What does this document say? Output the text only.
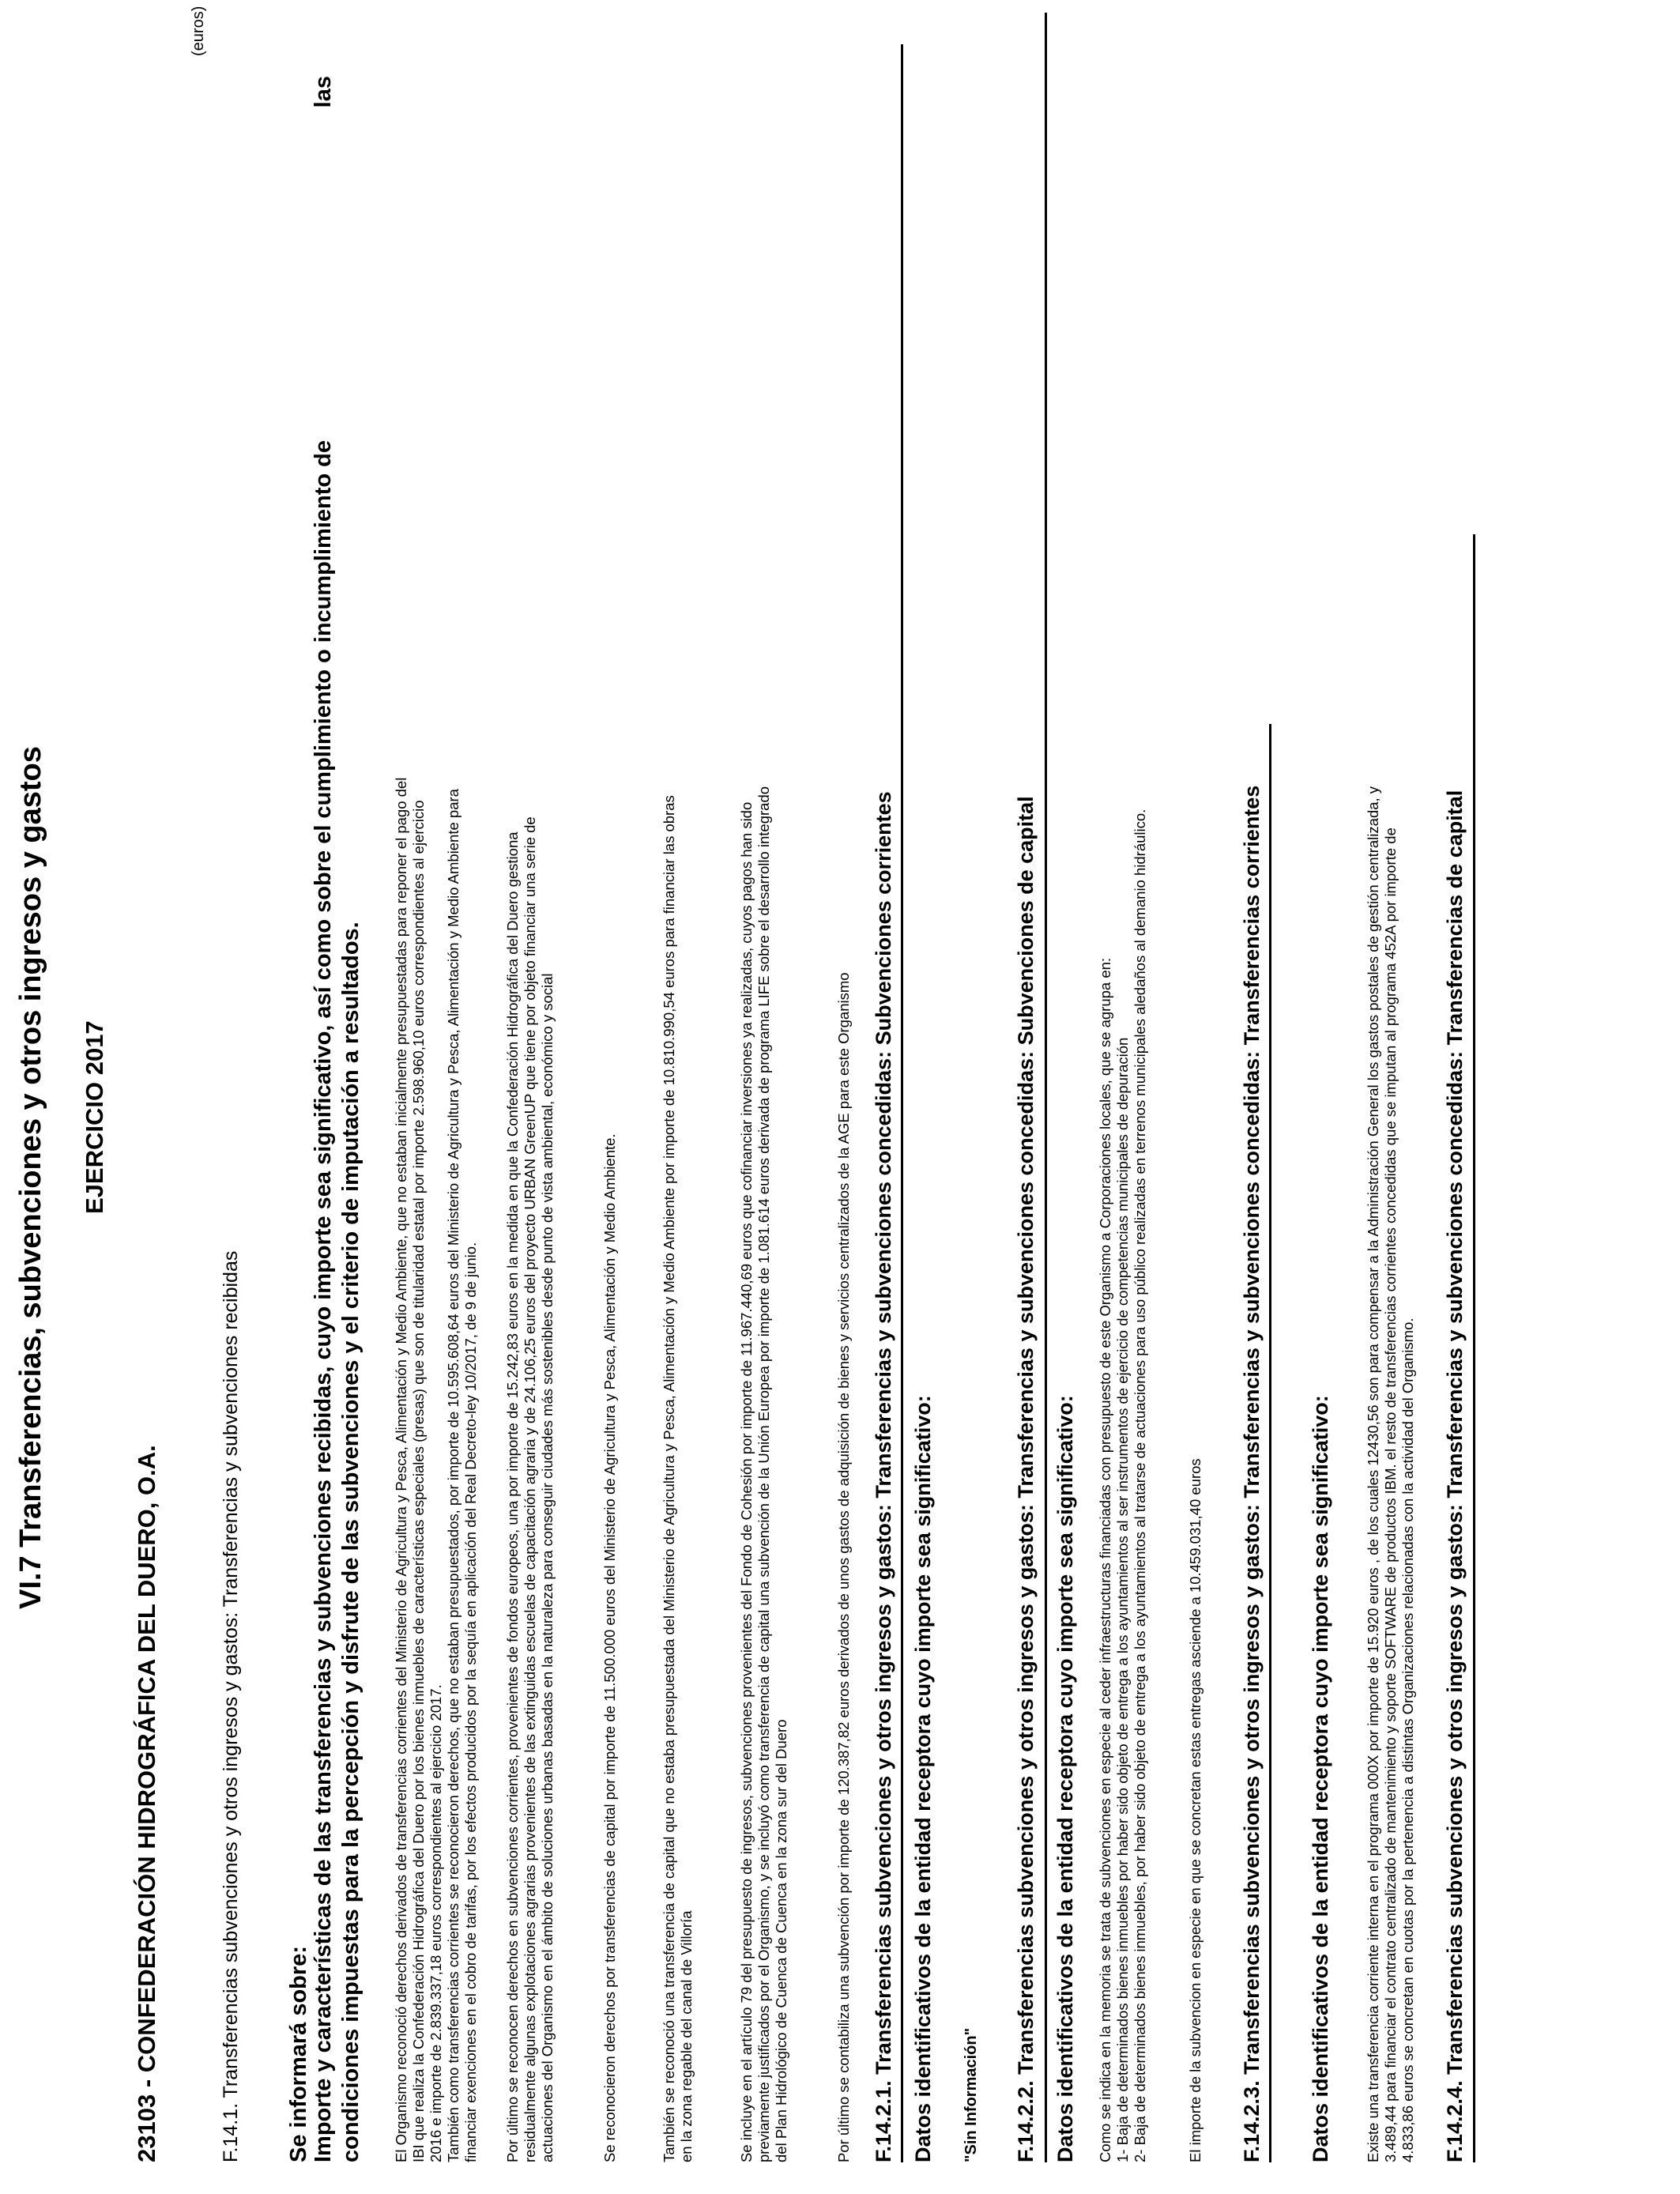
VI.7 Transferencias, subvenciones y otros ingresos y gastos
23103 - CONFEDERACIÓN HIDROGRÁFICA DEL DUERO, O.A.
EJERCICIO 2017
(euros)
F.14.1. Transferencias subvenciones y otros ingresos y gastos: Transferencias y subvenciones recibidas Se informará sobre: Importe y características de las transferencias y subvenciones recibidas, cuyo importe sea significativo, así como sobre el cumplimiento o incumplimiento de
las
condiciones impuestas para la percepción y disfrute de las subvenciones y el criterio de imputación a resultados. El Organismo reconoció derechos derivados de transferencias corrientes del Ministerio de Agricultura y Pesca, Alimentación y Medio Ambiente, que no estaban inicialmente presupuestadas para reponer el pago del IBI que realiza la Confederación Hidrográfica del Duero por los bienes inmuebles de características especiales (presas) que son de titularidad estatal por importe 2.598.960,10 euros correspondientes al ejercicio 2016 e importe de 2.839.337,18 euros correspondientes al ejercicio 2017. También como transferencias corrientes se reconocieron derechos, que no estaban presupuestados, por importe de 10.595.608,64 euros del Ministerio de Agricultura y Pesca, Alimentación y Medio Ambiente para financiar exenciones en el cobro de tarifas, por los efectos producidos por la sequía en aplicación del Real Decreto-ley 10/2017, de 9 de junio. Por último se reconocen derechos en subvenciones corrientes, provenientes de fondos europeos, una por importe de 15.242,83 euros en la medida en que la Confederación Hidrográfica del Duero gestiona residualmente algunas explotaciones agrarias provenientes de las extinguidas escuelas de capacitación agraria y de 24.106,25 euros del proyecto URBAN GreenUP que tiene por objeto financiar una serie de actuaciones del Organismo en el ámbito de soluciones urbanas basadas en la naturaleza para conseguir ciudades más sostenibles desde punto de vista ambiental, económico y social	Se reconocieron derechos por transferencias de capital por importe de 11.500.000 euros del Ministerio de Agricultura y Pesca, Alimentación y Medio Ambiente.	También se reconoció una transferencia de capital que no estaba presupuestada del Ministerio de Agricultura y Pesca, Alimentación y Medio Ambiente por importe de 10.810.990,54 euros para financiar las obras en la zona regable del canal de Villoría	Se incluye en el artículo 79 del presupuesto de ingresos, subvenciones provenientes del Fondo de Cohesión por importe de 11.967.440,69 euros que cofinanciar inversiones ya realizadas, cuyos pagos han sido previamente justificados por el Organismo, y se incluyó como transferencia de capital una subvención de la Unión Europea por importe de 1.081.614 euros derivada de programa LIFE sobre el desarrollo integrado del Plan Hidrológico de Cuenca de Cuenca en la zona sur del Duero	Por último se contabiliza una subvención por importe de 120.387,82 euros derivados de unos gastos de adquisición de bienes y servicios centralizados de la AGE para este Organismo F.14.2.1. Transferencias subvenciones y otros ingresos y gastos: Transferencias y subvenciones concedidas: Subvenciones corrientes Datos identificativos de la entidad receptora cuyo importe sea significativo: "Sin Información" F.14.2.2. Transferencias subvenciones y otros ingresos y gastos: Transferencias y subvenciones concedidas: Subvenciones de capital Datos identificativos de la entidad receptora cuyo importe sea significativo: Como se indica en la memoria se trata de subvenciones en especie al ceder infraestructuras financiadas con presupuesto de este Organismo a Corporaciones locales, que se agrupa en: 1- Baja de determinados bienes inmuebles por haber sido objeto de entrega a los ayuntamientos al ser instrumentos de ejercicio de competencias municipales de depuración 2- Baja de determinados bienes inmuebles, por haber sido objeto de entrega a los ayuntamientos al tratarse de actuaciones para uso público realizadas en terrenos municipales aledaños al demanio hidráulico.	El importe de la subvencion en especie en que se concretan estas entregas asciende a 10.459.031,40 euros F.14.2.3. Transferencias subvenciones y otros ingresos y gastos: Transferencias y subvenciones concedidas: Transferencias corrientes Datos identificativos de la entidad receptora cuyo importe sea significativo: Existe una transferencia corriente interna en el programa 000X por importe de 15.920 euros , de los cuales 12430,56 son para compensar a la Administración General los gastos postales de gestión centralizada, y 3.489,44 para financiar el contrato centralizado de mantenimiento y soporte SOFTWARE de productos IBM. el resto de transferencias corrientes concedidas que se imputan al programa 452A por importe de 4.833,86 euros se concretan en cuotas por la pertenencia a distintas Organizaciones relacionadas con la actividad del Organismo. F.14.2.4. Transferencias subvenciones y otros ingresos y gastos: Transferencias y subvenciones concedidas: Transferencias de capital
